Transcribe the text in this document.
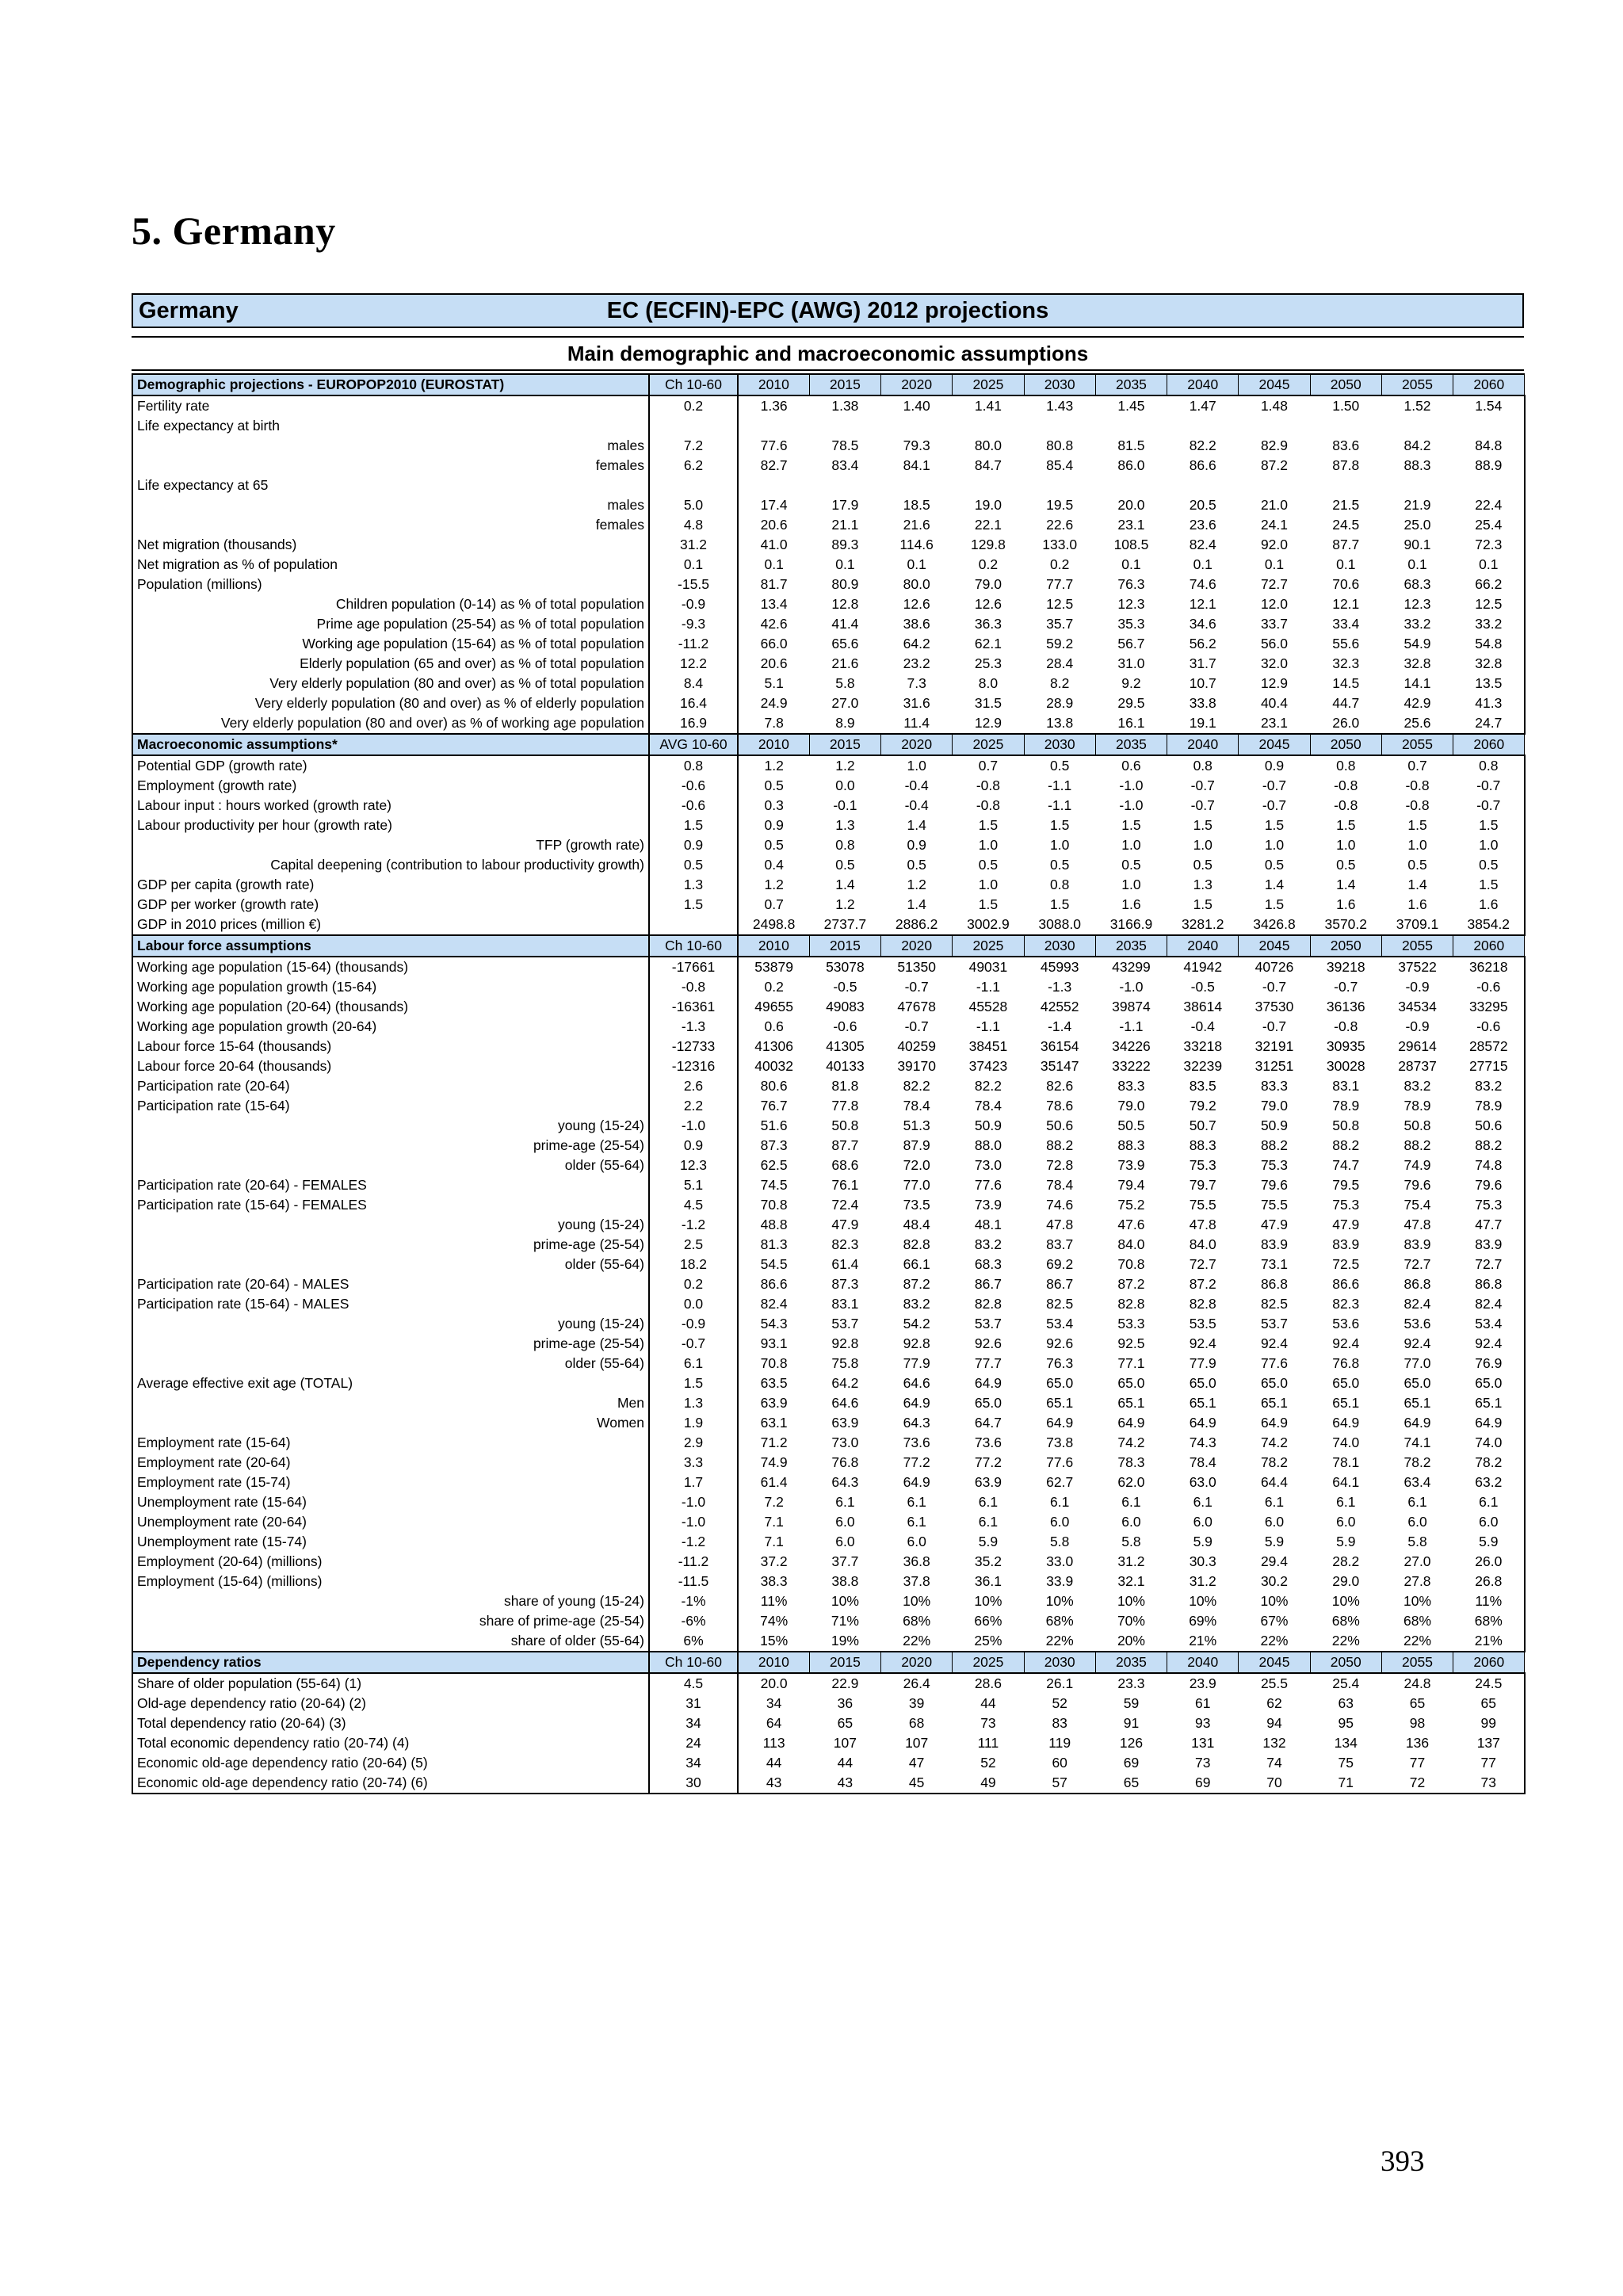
5. Germany
Germany	EC (ECFIN)-EPC (AWG) 2012 projections
Main demographic and macroeconomic assumptions
Demographic projections - EUROPOP2010 (EUROSTAT)	Ch 10-60	2010	2015	2020	2025	2030	2035	2040	2045	2050	2055	2060
Fertility rate	0.2	1.36	1.38	1.40	1.41	1.43	1.45	1.47	1.48	1.50	1.52	1.54
Life expectancy at birth												
males	7.2	77.6	78.5	79.3	80.0	80.8	81.5	82.2	82.9	83.6	84.2	84.8
females	6.2	82.7	83.4	84.1	84.7	85.4	86.0	86.6	87.2	87.8	88.3	88.9
Life expectancy at 65												
males	5.0	17.4	17.9	18.5	19.0	19.5	20.0	20.5	21.0	21.5	21.9	22.4
females	4.8	20.6	21.1	21.6	22.1	22.6	23.1	23.6	24.1	24.5	25.0	25.4
Net migration (thousands)	31.2	41.0	89.3	114.6	129.8	133.0	108.5	82.4	92.0	87.7	90.1	72.3
Net migration as % of population	0.1	0.1	0.1	0.1	0.2	0.2	0.1	0.1	0.1	0.1	0.1	0.1
Population (millions)	-15.5	81.7	80.9	80.0	79.0	77.7	76.3	74.6	72.7	70.6	68.3	66.2
Children population (0-14) as % of total population	-0.9	13.4	12.8	12.6	12.6	12.5	12.3	12.1	12.0	12.1	12.3	12.5
Prime age population (25-54) as % of total population	-9.3	42.6	41.4	38.6	36.3	35.7	35.3	34.6	33.7	33.4	33.2	33.2
Working age population (15-64) as % of total population	-11.2	66.0	65.6	64.2	62.1	59.2	56.7	56.2	56.0	55.6	54.9	54.8
Elderly population (65 and over) as % of total population	12.2	20.6	21.6	23.2	25.3	28.4	31.0	31.7	32.0	32.3	32.8	32.8
Very elderly population (80 and over) as % of total population	8.4	5.1	5.8	7.3	8.0	8.2	9.2	10.7	12.9	14.5	14.1	13.5
Very elderly population (80 and over) as % of elderly population	16.4	24.9	27.0	31.6	31.5	28.9	29.5	33.8	40.4	44.7	42.9	41.3
Very elderly population (80 and over) as % of working age population	16.9	7.8	8.9	11.4	12.9	13.8	16.1	19.1	23.1	26.0	25.6	24.7
Macroeconomic assumptions*	AVG 10-60	2010	2015	2020	2025	2030	2035	2040	2045	2050	2055	2060
Potential GDP (growth rate)	0.8	1.2	1.2	1.0	0.7	0.5	0.6	0.8	0.9	0.8	0.7	0.8
Employment (growth rate)	-0.6	0.5	0.0	-0.4	-0.8	-1.1	-1.0	-0.7	-0.7	-0.8	-0.8	-0.7
Labour input : hours worked (growth rate)	-0.6	0.3	-0.1	-0.4	-0.8	-1.1	-1.0	-0.7	-0.7	-0.8	-0.8	-0.7
Labour productivity per hour (growth rate)	1.5	0.9	1.3	1.4	1.5	1.5	1.5	1.5	1.5	1.5	1.5	1.5
TFP (growth rate)	0.9	0.5	0.8	0.9	1.0	1.0	1.0	1.0	1.0	1.0	1.0	1.0
Capital deepening (contribution to labour productivity growth)	0.5	0.4	0.5	0.5	0.5	0.5	0.5	0.5	0.5	0.5	0.5	0.5
GDP per capita (growth rate)	1.3	1.2	1.4	1.2	1.0	0.8	1.0	1.3	1.4	1.4	1.4	1.5
GDP per worker (growth rate)	1.5	0.7	1.2	1.4	1.5	1.5	1.6	1.5	1.5	1.6	1.6	1.6
GDP in 2010 prices (million €)		2498.8	2737.7	2886.2	3002.9	3088.0	3166.9	3281.2	3426.8	3570.2	3709.1	3854.2
Labour force assumptions	Ch 10-60	2010	2015	2020	2025	2030	2035	2040	2045	2050	2055	2060
Working age population (15-64) (thousands)	-17661	53879	53078	51350	49031	45993	43299	41942	40726	39218	37522	36218
Working age population growth (15-64)	-0.8	0.2	-0.5	-0.7	-1.1	-1.3	-1.0	-0.5	-0.7	-0.7	-0.9	-0.6
Working age population (20-64) (thousands)	-16361	49655	49083	47678	45528	42552	39874	38614	37530	36136	34534	33295
Working age population growth (20-64)	-1.3	0.6	-0.6	-0.7	-1.1	-1.4	-1.1	-0.4	-0.7	-0.8	-0.9	-0.6
Labour force 15-64 (thousands)	-12733	41306	41305	40259	38451	36154	34226	33218	32191	30935	29614	28572
Labour force 20-64 (thousands)	-12316	40032	40133	39170	37423	35147	33222	32239	31251	30028	28737	27715
Participation rate (20-64)	2.6	80.6	81.8	82.2	82.2	82.6	83.3	83.5	83.3	83.1	83.2	83.2
Participation rate (15-64)	2.2	76.7	77.8	78.4	78.4	78.6	79.0	79.2	79.0	78.9	78.9	78.9
young (15-24)	-1.0	51.6	50.8	51.3	50.9	50.6	50.5	50.7	50.9	50.8	50.8	50.6
prime-age (25-54)	0.9	87.3	87.7	87.9	88.0	88.2	88.3	88.3	88.2	88.2	88.2	88.2
older (55-64)	12.3	62.5	68.6	72.0	73.0	72.8	73.9	75.3	75.3	74.7	74.9	74.8
Participation rate (20-64) - FEMALES	5.1	74.5	76.1	77.0	77.6	78.4	79.4	79.7	79.6	79.5	79.6	79.6
Participation rate (15-64) - FEMALES	4.5	70.8	72.4	73.5	73.9	74.6	75.2	75.5	75.5	75.3	75.4	75.3
young (15-24)	-1.2	48.8	47.9	48.4	48.1	47.8	47.6	47.8	47.9	47.9	47.8	47.7
prime-age (25-54)	2.5	81.3	82.3	82.8	83.2	83.7	84.0	84.0	83.9	83.9	83.9	83.9
older (55-64)	18.2	54.5	61.4	66.1	68.3	69.2	70.8	72.7	73.1	72.5	72.7	72.7
Participation rate (20-64) - MALES	0.2	86.6	87.3	87.2	86.7	86.7	87.2	87.2	86.8	86.6	86.8	86.8
Participation rate (15-64) - MALES	0.0	82.4	83.1	83.2	82.8	82.5	82.8	82.8	82.5	82.3	82.4	82.4
young (15-24)	-0.9	54.3	53.7	54.2	53.7	53.4	53.3	53.5	53.7	53.6	53.6	53.4
prime-age (25-54)	-0.7	93.1	92.8	92.8	92.6	92.6	92.5	92.4	92.4	92.4	92.4	92.4
older (55-64)	6.1	70.8	75.8	77.9	77.7	76.3	77.1	77.9	77.6	76.8	77.0	76.9
Average effective exit age (TOTAL)	1.5	63.5	64.2	64.6	64.9	65.0	65.0	65.0	65.0	65.0	65.0	65.0
Men	1.3	63.9	64.6	64.9	65.0	65.1	65.1	65.1	65.1	65.1	65.1	65.1
Women	1.9	63.1	63.9	64.3	64.7	64.9	64.9	64.9	64.9	64.9	64.9	64.9
Employment rate (15-64)	2.9	71.2	73.0	73.6	73.6	73.8	74.2	74.3	74.2	74.0	74.1	74.0
Employment rate (20-64)	3.3	74.9	76.8	77.2	77.2	77.6	78.3	78.4	78.2	78.1	78.2	78.2
Employment rate (15-74)	1.7	61.4	64.3	64.9	63.9	62.7	62.0	63.0	64.4	64.1	63.4	63.2
Unemployment rate (15-64)	-1.0	7.2	6.1	6.1	6.1	6.1	6.1	6.1	6.1	6.1	6.1	6.1
Unemployment rate (20-64)	-1.0	7.1	6.0	6.1	6.1	6.0	6.0	6.0	6.0	6.0	6.0	6.0
Unemployment rate (15-74)	-1.2	7.1	6.0	6.0	5.9	5.8	5.8	5.9	5.9	5.9	5.8	5.9
Employment (20-64) (millions)	-11.2	37.2	37.7	36.8	35.2	33.0	31.2	30.3	29.4	28.2	27.0	26.0
Employment (15-64) (millions)	-11.5	38.3	38.8	37.8	36.1	33.9	32.1	31.2	30.2	29.0	27.8	26.8
share of young (15-24)	-1%	11%	10%	10%	10%	10%	10%	10%	10%	10%	10%	11%
share of prime-age (25-54)	-6%	74%	71%	68%	66%	68%	70%	69%	67%	68%	68%	68%
share of older (55-64)	6%	15%	19%	22%	25%	22%	20%	21%	22%	22%	22%	21%
Dependency ratios	Ch 10-60	2010	2015	2020	2025	2030	2035	2040	2045	2050	2055	2060
Share of older population (55-64) (1)	4.5	20.0	22.9	26.4	28.6	26.1	23.3	23.9	25.5	25.4	24.8	24.5
Old-age dependency ratio (20-64) (2)	31	34	36	39	44	52	59	61	62	63	65	65
Total dependency ratio (20-64) (3)	34	64	65	68	73	83	91	93	94	95	98	99
Total economic dependency ratio (20-74) (4)	24	113	107	107	111	119	126	131	132	134	136	137
Economic old-age dependency ratio (20-64) (5)	34	44	44	47	52	60	69	73	74	75	77	77
Economic old-age dependency ratio (20-74) (6)	30	43	43	45	49	57	65	69	70	71	72	73
393
